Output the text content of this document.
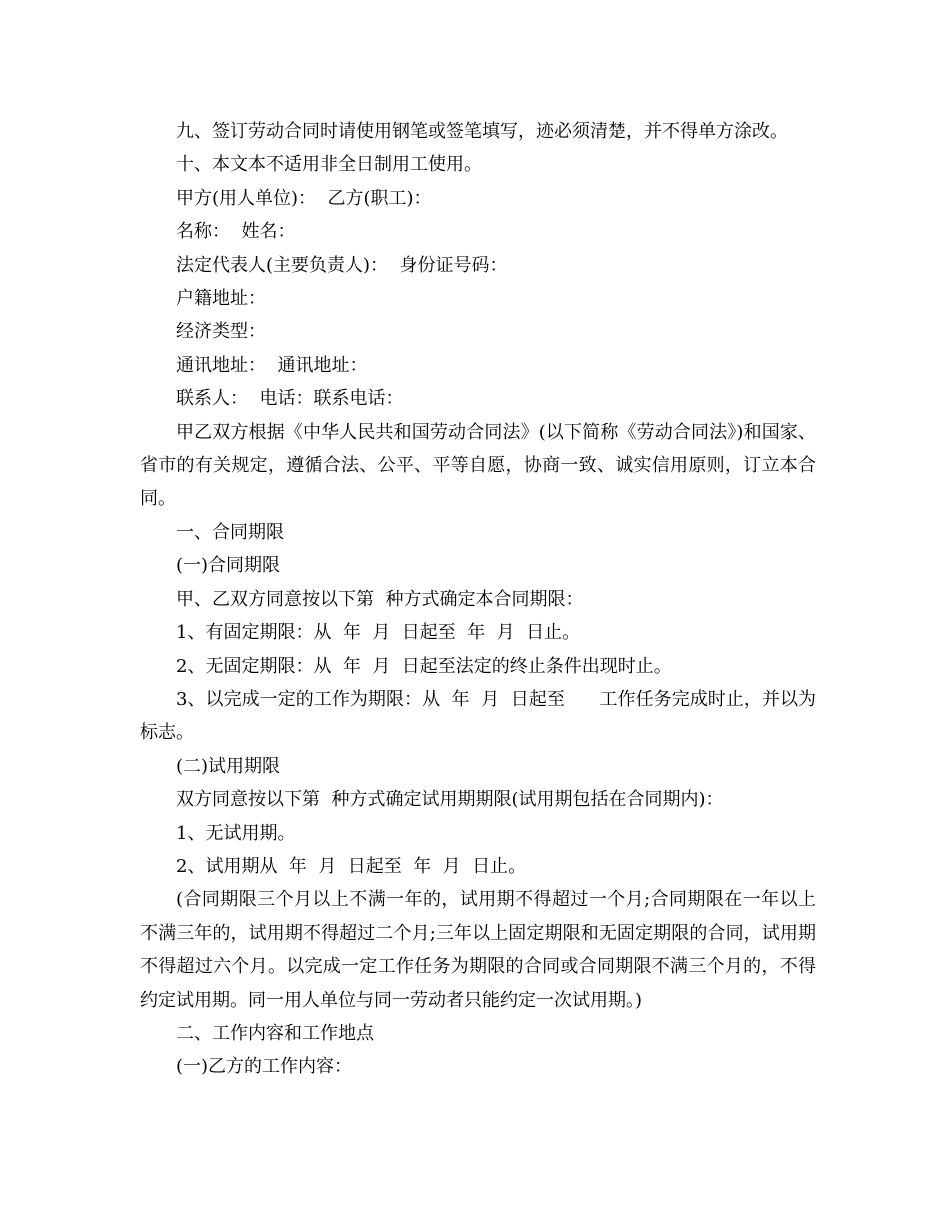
九、签订劳动合同时请使用钢笔或签笔填写，迹必须清楚，并不得单方涂改。

十、本文本不适用非全日制用工使用。

甲方(用人单位)：  乙方(职工)：

名称：  姓名：

法定代表人(主要负责人)：  身份证号码：

户籍地址：

经济类型：

通讯地址：  通讯地址：

联系人：  电话：联系电话：

甲乙双方根据《中华人民共和国劳动合同法》(以下简称《劳动合同法》)和国家、省市的有关规定，遵循合法、公平、平等自愿，协商一致、诚实信用原则，订立本合同。

一、合同期限

(一)合同期限

甲、乙双方同意按以下第  种方式确定本合同期限：

1、有固定期限：从  年  月  日起至  年  月  日止。

2、无固定期限：从  年  月  日起至法定的终止条件出现时止。

3、以完成一定的工作为期限：从  年  月  日起至      工作任务完成时止，并以为标志。

(二)试用期限

双方同意按以下第  种方式确定试用期期限(试用期包括在合同期内)：

1、无试用期。

2、试用期从  年  月  日起至  年  月  日止。

(合同期限三个月以上不满一年的，试用期不得超过一个月;合同期限在一年以上不满三年的，试用期不得超过二个月;三年以上固定期限和无固定期限的合同，试用期不得超过六个月。以完成一定工作任务为期限的合同或合同期限不满三个月的，不得约定试用期。同一用人单位与同一劳动者只能约定一次试用期。)

二、工作内容和工作地点

(一)乙方的工作内容：
